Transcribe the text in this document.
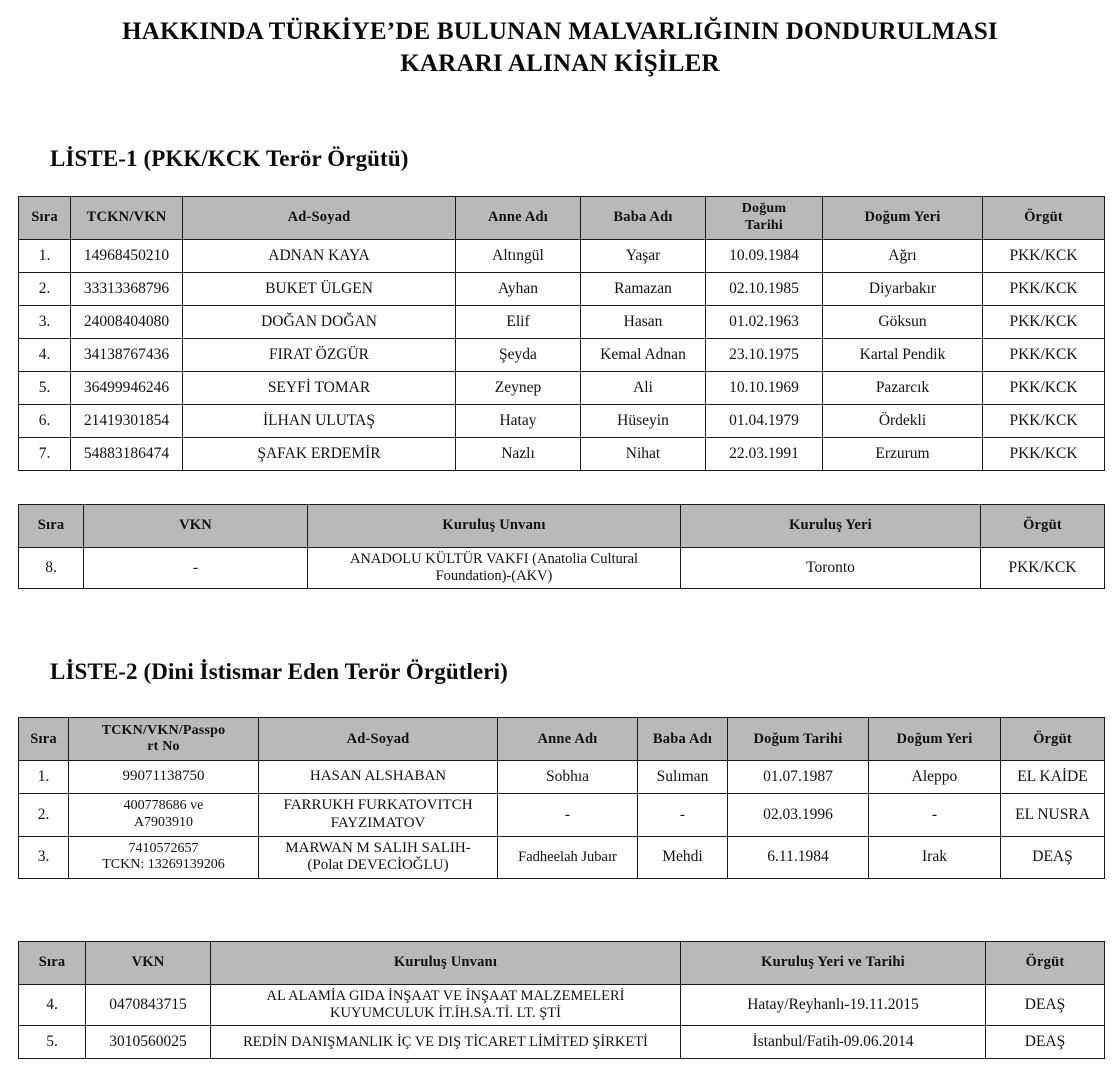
HAKKINDA TÜRKİYE’DE BULUNAN MALVARLIĞININ DONDURULMASI
KARARI ALINAN KİŞİLER
LİSTE-1 (PKK/KCK Terör Örgütü)
Sıra	TCKN/VKN	Ad-Soyad	Anne Adı	Baba Adı	Doğum
Tarihi	Doğum Yeri	Örgüt
1.	14968450210	ADNAN KAYA	Altıngül	Yaşar	10.09.1984	Ağrı	PKK/KCK
2.	33313368796	BUKET ÜLGEN	Ayhan	Ramazan	02.10.1985	Diyarbakır	PKK/KCK
3.	24008404080	DOĞAN DOĞAN	Elif	Hasan	01.02.1963	Göksun	PKK/KCK
4.	34138767436	FIRAT ÖZGÜR	Şeyda	Kemal Adnan	23.10.1975	Kartal Pendik	PKK/KCK
5.	36499946246	SEYFİ TOMAR	Zeynep	Ali	10.10.1969	Pazarcık	PKK/KCK
6.	21419301854	İLHAN ULUTAŞ	Hatay	Hüseyin	01.04.1979	Ördekli	PKK/KCK
7.	54883186474	ŞAFAK ERDEMİR	Nazlı	Nihat	22.03.1991	Erzurum	PKK/KCK
Sıra	VKN	Kuruluş Unvanı	Kuruluş Yeri	Örgüt
8.	-	ANADOLU KÜLTÜR VAKFI (Anatolia Cultural Foundation)-(AKV)	Toronto	PKK/KCK
LİSTE-2 (Dini İstismar Eden Terör Örgütleri)
Sıra	TCKN/VKN/Passpo
rt No	Ad-Soyad	Anne Adı	Baba Adı	Doğum Tarihi	Doğum Yeri	Örgüt
1.	99071138750	HASAN ALSHABAN	Sobhıa	Sulıman	01.07.1987	Aleppo	EL KAİDE
2.	400778686 ve
A7903910	FARRUKH FURKATOVITCH
FAYZIMATOV	-	-	02.03.1996	-	EL NUSRA
3.	7410572657
TCKN: 13269139206	MARWAN M SALIH SALIH-
(Polat DEVECİOĞLU)	Fadheelah Jubaır	Mehdi	6.11.1984	Irak	DEAŞ
Sıra	VKN	Kuruluş Unvanı	Kuruluş Yeri ve Tarihi	Örgüt
4.	0470843715	AL ALAMİA GIDA İNŞAAT VE İNŞAAT MALZEMELERİ KUYUMCULUK İT.İH.SA.Tİ. LT. ŞTİ	Hatay/Reyhanlı-19.11.2015	DEAŞ
5.	3010560025	REDİN DANIŞMANLIK İÇ VE DIŞ TİCARET LİMİTED ŞİRKETİ	İstanbul/Fatih-09.06.2014	DEAŞ
